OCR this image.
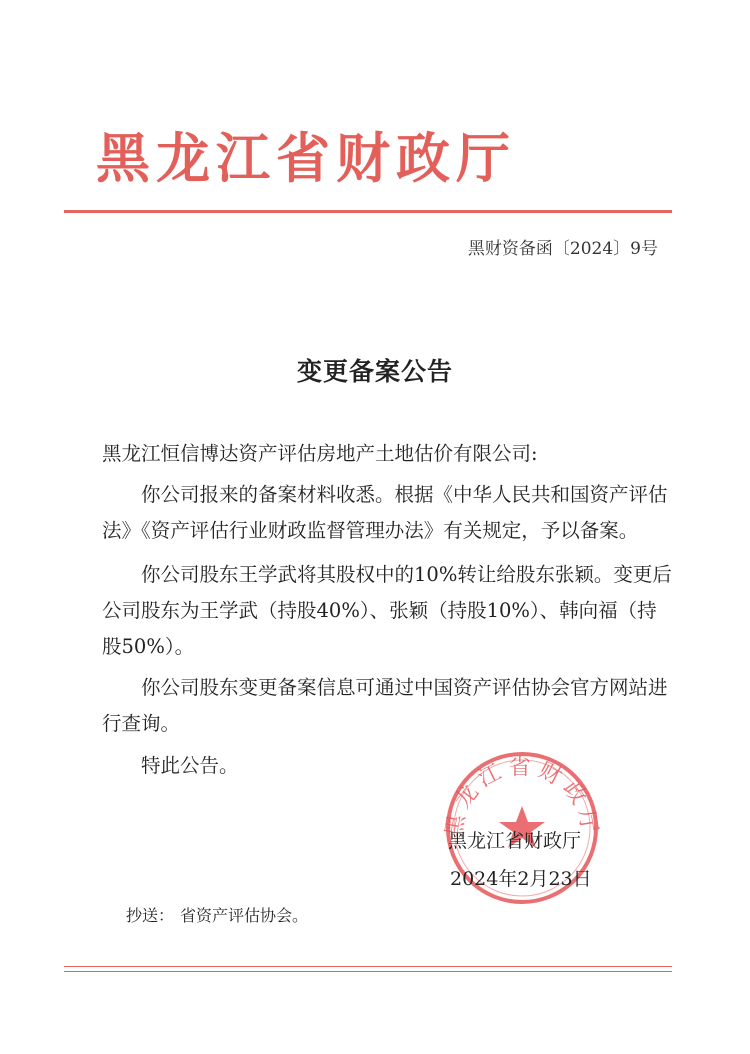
黑龙江省财政厅
黑财资备函〔2024〕9号
变更备案公告
黑龙江恒信博达资产评估房地产土地估价有限公司:
你公司报来的备案材料收悉。根据《中华人民共和国资产评估法》《资产评估行业财政监督管理办法》有关规定，予以备案。
你公司股东王学武将其股权中的10%转让给股东张颖。变更后公司股东为王学武（持股40%）、张颖（持股10%）、韩向福（持股50%）。
你公司股东变更备案信息可通过中国资产评估协会官方网站进行查询。
特此公告。
黑龙江省财政厅
黑龙江省财政厅
2024年2月23日
抄送： 省资产评估协会。
